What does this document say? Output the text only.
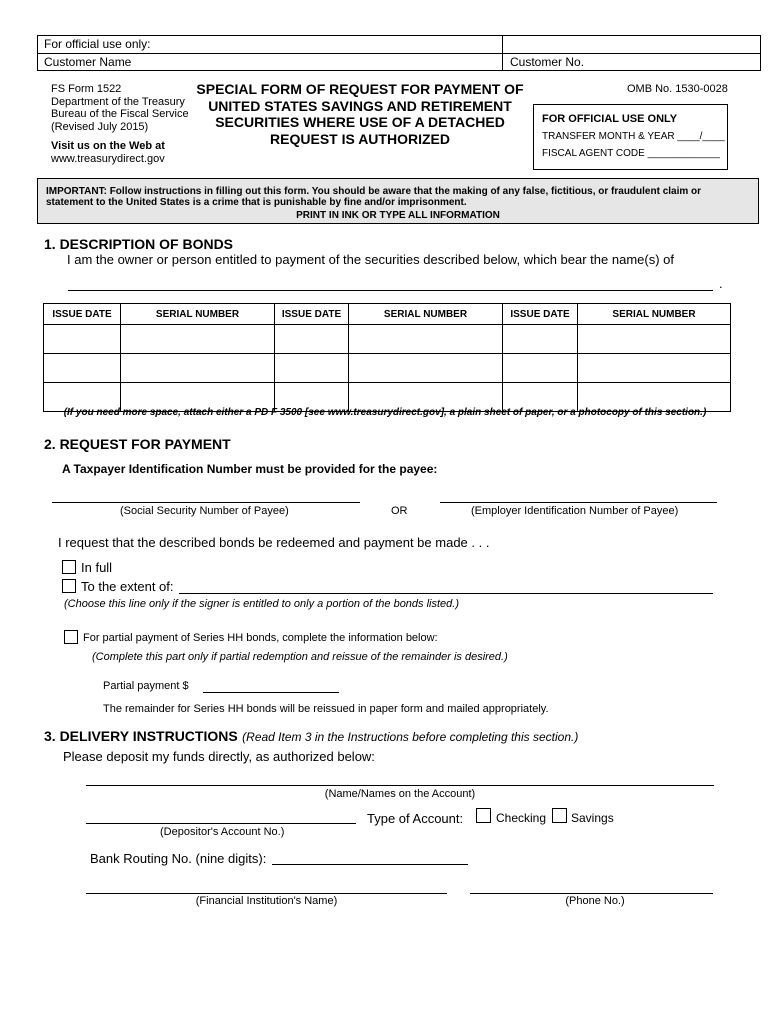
For official use only:
Customer Name	Customer No.
FS Form 1522
Department of the Treasury
Bureau of the Fiscal Service
(Revised July 2015)
Visit us on the Web at
www.treasurydirect.gov
SPECIAL FORM OF REQUEST FOR PAYMENT OF
UNITED STATES SAVINGS AND RETIREMENT
SECURITIES WHERE USE OF A DETACHED
REQUEST IS AUTHORIZED
OMB No. 1530-0028
FOR OFFICIAL USE ONLY
TRANSFER MONTH & YEAR ____/____
FISCAL AGENT CODE _____________
IMPORTANT: Follow instructions in filling out this form. You should be aware that the making of any false, fictitious, or fraudulent claim or
statement to the United States is a crime that is punishable by fine and/or imprisonment.
PRINT IN INK OR TYPE ALL INFORMATION
1. DESCRIPTION OF BONDS
I am the owner or person entitled to payment of the securities described below, which bear the name(s) of
.
ISSUE DATE	SERIAL NUMBER	ISSUE DATE	SERIAL NUMBER	ISSUE DATE	SERIAL NUMBER

(If you need more space, attach either a PD F 3500 [see www.treasurydirect.gov], a plain sheet of paper, or a photocopy of this section.)
2. REQUEST FOR PAYMENT
A Taxpayer Identification Number must be provided for the payee:
(Social Security Number of Payee)	OR	(Employer Identification Number of Payee)
I request that the described bonds be redeemed and payment be made . . .
In full
To the extent of:
(Choose this line only if the signer is entitled to only a portion of the bonds listed.)
For partial payment of Series HH bonds, complete the information below:
(Complete this part only if partial redemption and reissue of the remainder is desired.)
Partial payment $
The remainder for Series HH bonds will be reissued in paper form and mailed appropriately.
3. DELIVERY INSTRUCTIONS (Read Item 3 in the Instructions before completing this section.)
Please deposit my funds directly, as authorized below:
(Name/Names on the Account)
(Depositor's Account No.)
Type of Account:	Checking Savings
Bank Routing No. (nine digits):
(Financial Institution's Name)	(Phone No.)
